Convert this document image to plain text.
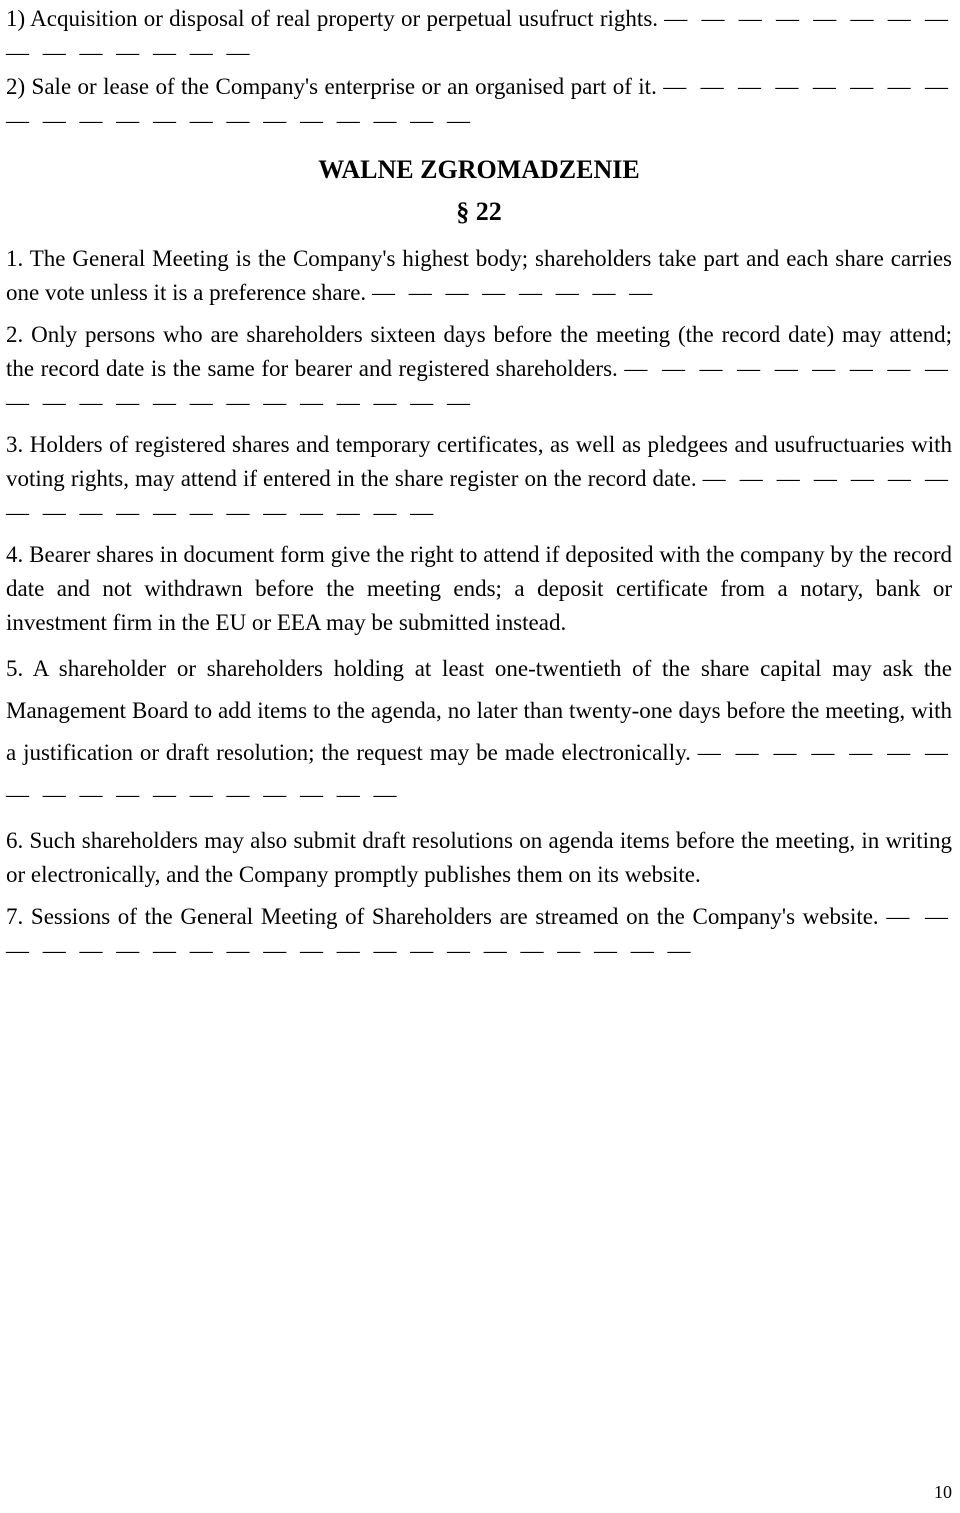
1) Acquisition or disposal of real property or perpetual usufruct rights. — — — — — — — — — — — — — — —

2) Sale or lease of the Company's enterprise or an organised part of it. — — — — — — — — — — — — — — — — — — — — —

WALNE ZGROMADZENIE

§ 22

1. The General Meeting is the Company's highest body; shareholders take part and each share carries one vote unless it is a preference share. — — — — — — — —

2. Only persons who are shareholders sixteen days before the meeting (the record date) may attend; the record date is the same for bearer and registered shareholders. — — — — — — — — — — — — — — — — — — — — — —

3. Holders of registered shares and temporary certificates, as well as pledgees and usufructuaries with voting rights, may attend if entered in the share register on the record date. — — — — — — — — — — — — — — — — — — —

4. Bearer shares in document form give the right to attend if deposited with the company by the record date and not withdrawn before the meeting ends; a deposit certificate from a notary, bank or investment firm in the EU or EEA may be submitted instead.

5. A shareholder or shareholders holding at least one-twentieth of the share capital may ask the Management Board to add items to the agenda, no later than twenty-one days before the meeting, with a justification or draft resolution; the request may be made electronically. — — — — — — — — — — — — — — — — — —

6. Such shareholders may also submit draft resolutions on agenda items before the meeting, in writing or electronically, and the Company promptly publishes them on its website.

7. Sessions of the General Meeting of Shareholders are streamed on the Company's website. — — — — — — — — — — — — — — — — — — — — —

10
